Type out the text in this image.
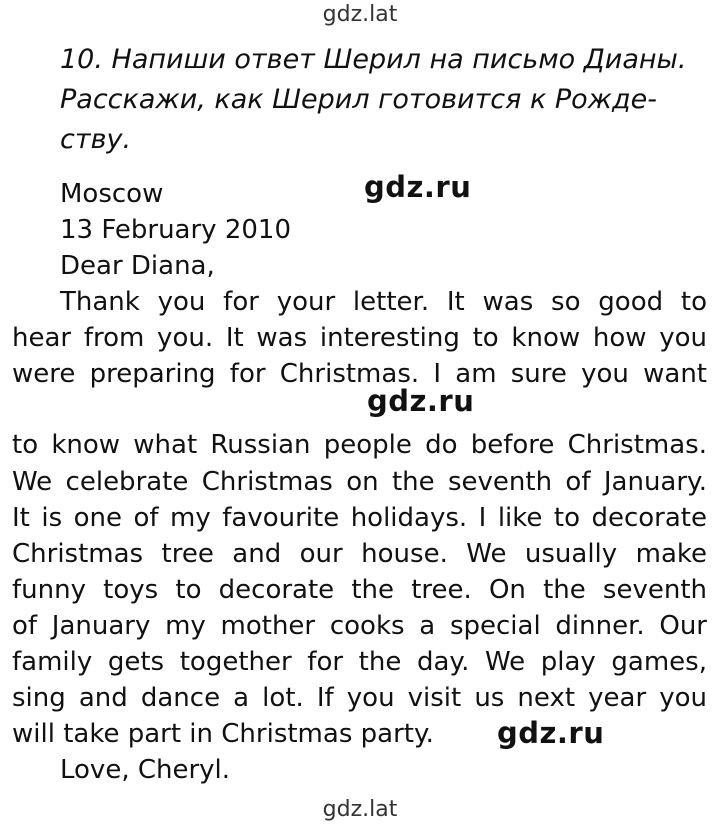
gdz.lat
10. Напиши ответ Шерил на письмо Дианы.
Расскажи, как Шерил готовится к Рожде-
ству.
gdz.ru
Moscow
13 February 2010
Dear Diana,
Thank you for your letter. It was so good to
hear from you. It was interesting to know how you
were preparing for Christmas. I am sure you want
to know what Russian people do before Christmas.
We celebrate Christmas on the seventh of January.
It is one of my favourite holidays. I like to decorate
Christmas tree and our house. We usually make
funny toys to decorate the tree. On the seventh
of January my mother cooks a special dinner. Our
family gets together for the day. We play games,
sing and dance a lot. If you visit us next year you
will take part in Christmas party.
Love, Cheryl.
gdz.ru
gdz.ru
gdz.lat
